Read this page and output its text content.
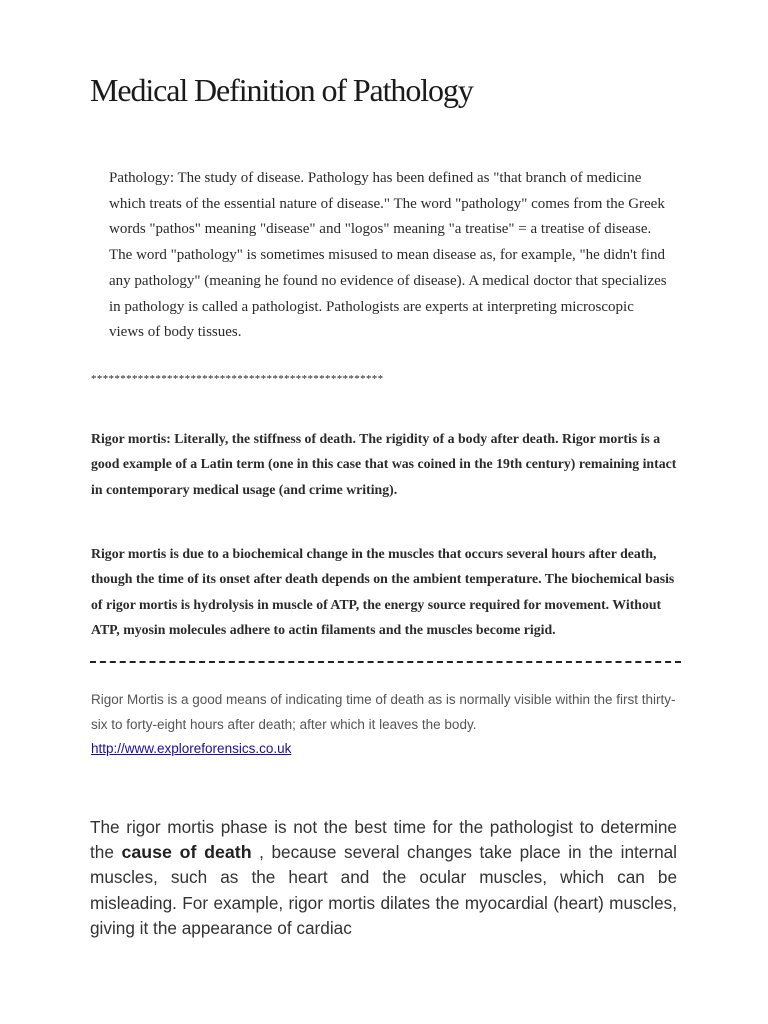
Medical Definition of Pathology

Pathology: The study of disease. Pathology has been defined as "that branch of medicine which treats of the essential nature of disease." The word "pathology" comes from the Greek words "pathos" meaning "disease" and "logos" meaning "a treatise" = a treatise of disease. The word "pathology" is sometimes misused to mean disease as, for example, "he didn't find any pathology" (meaning he found no evidence of disease). A medical doctor that specializes in pathology is called a pathologist. Pathologists are experts at interpreting microscopic views of body tissues.

**************************************************

Rigor mortis: Literally, the stiffness of death. The rigidity of a body after death. Rigor mortis is a good example of a Latin term (one in this case that was coined in the 19th century) remaining intact in contemporary medical usage (and crime writing).

Rigor mortis is due to a biochemical change in the muscles that occurs several hours after death, though the time of its onset after death depends on the ambient temperature. The biochemical basis of rigor mortis is hydrolysis in muscle of ATP, the energy source required for movement. Without ATP, myosin molecules adhere to actin filaments and the muscles become rigid.

Rigor Mortis is a good means of indicating time of death as is normally visible within the first thirty-six to forty-eight hours after death; after which it leaves the body.

http://www.exploreforensics.co.uk

The rigor mortis phase is not the best time for the pathologist to determine the cause of death , because several changes take place in the internal muscles, such as the heart and the ocular muscles, which can be misleading. For example, rigor mortis dilates the myocardial (heart) muscles, giving it the appearance of cardiac
